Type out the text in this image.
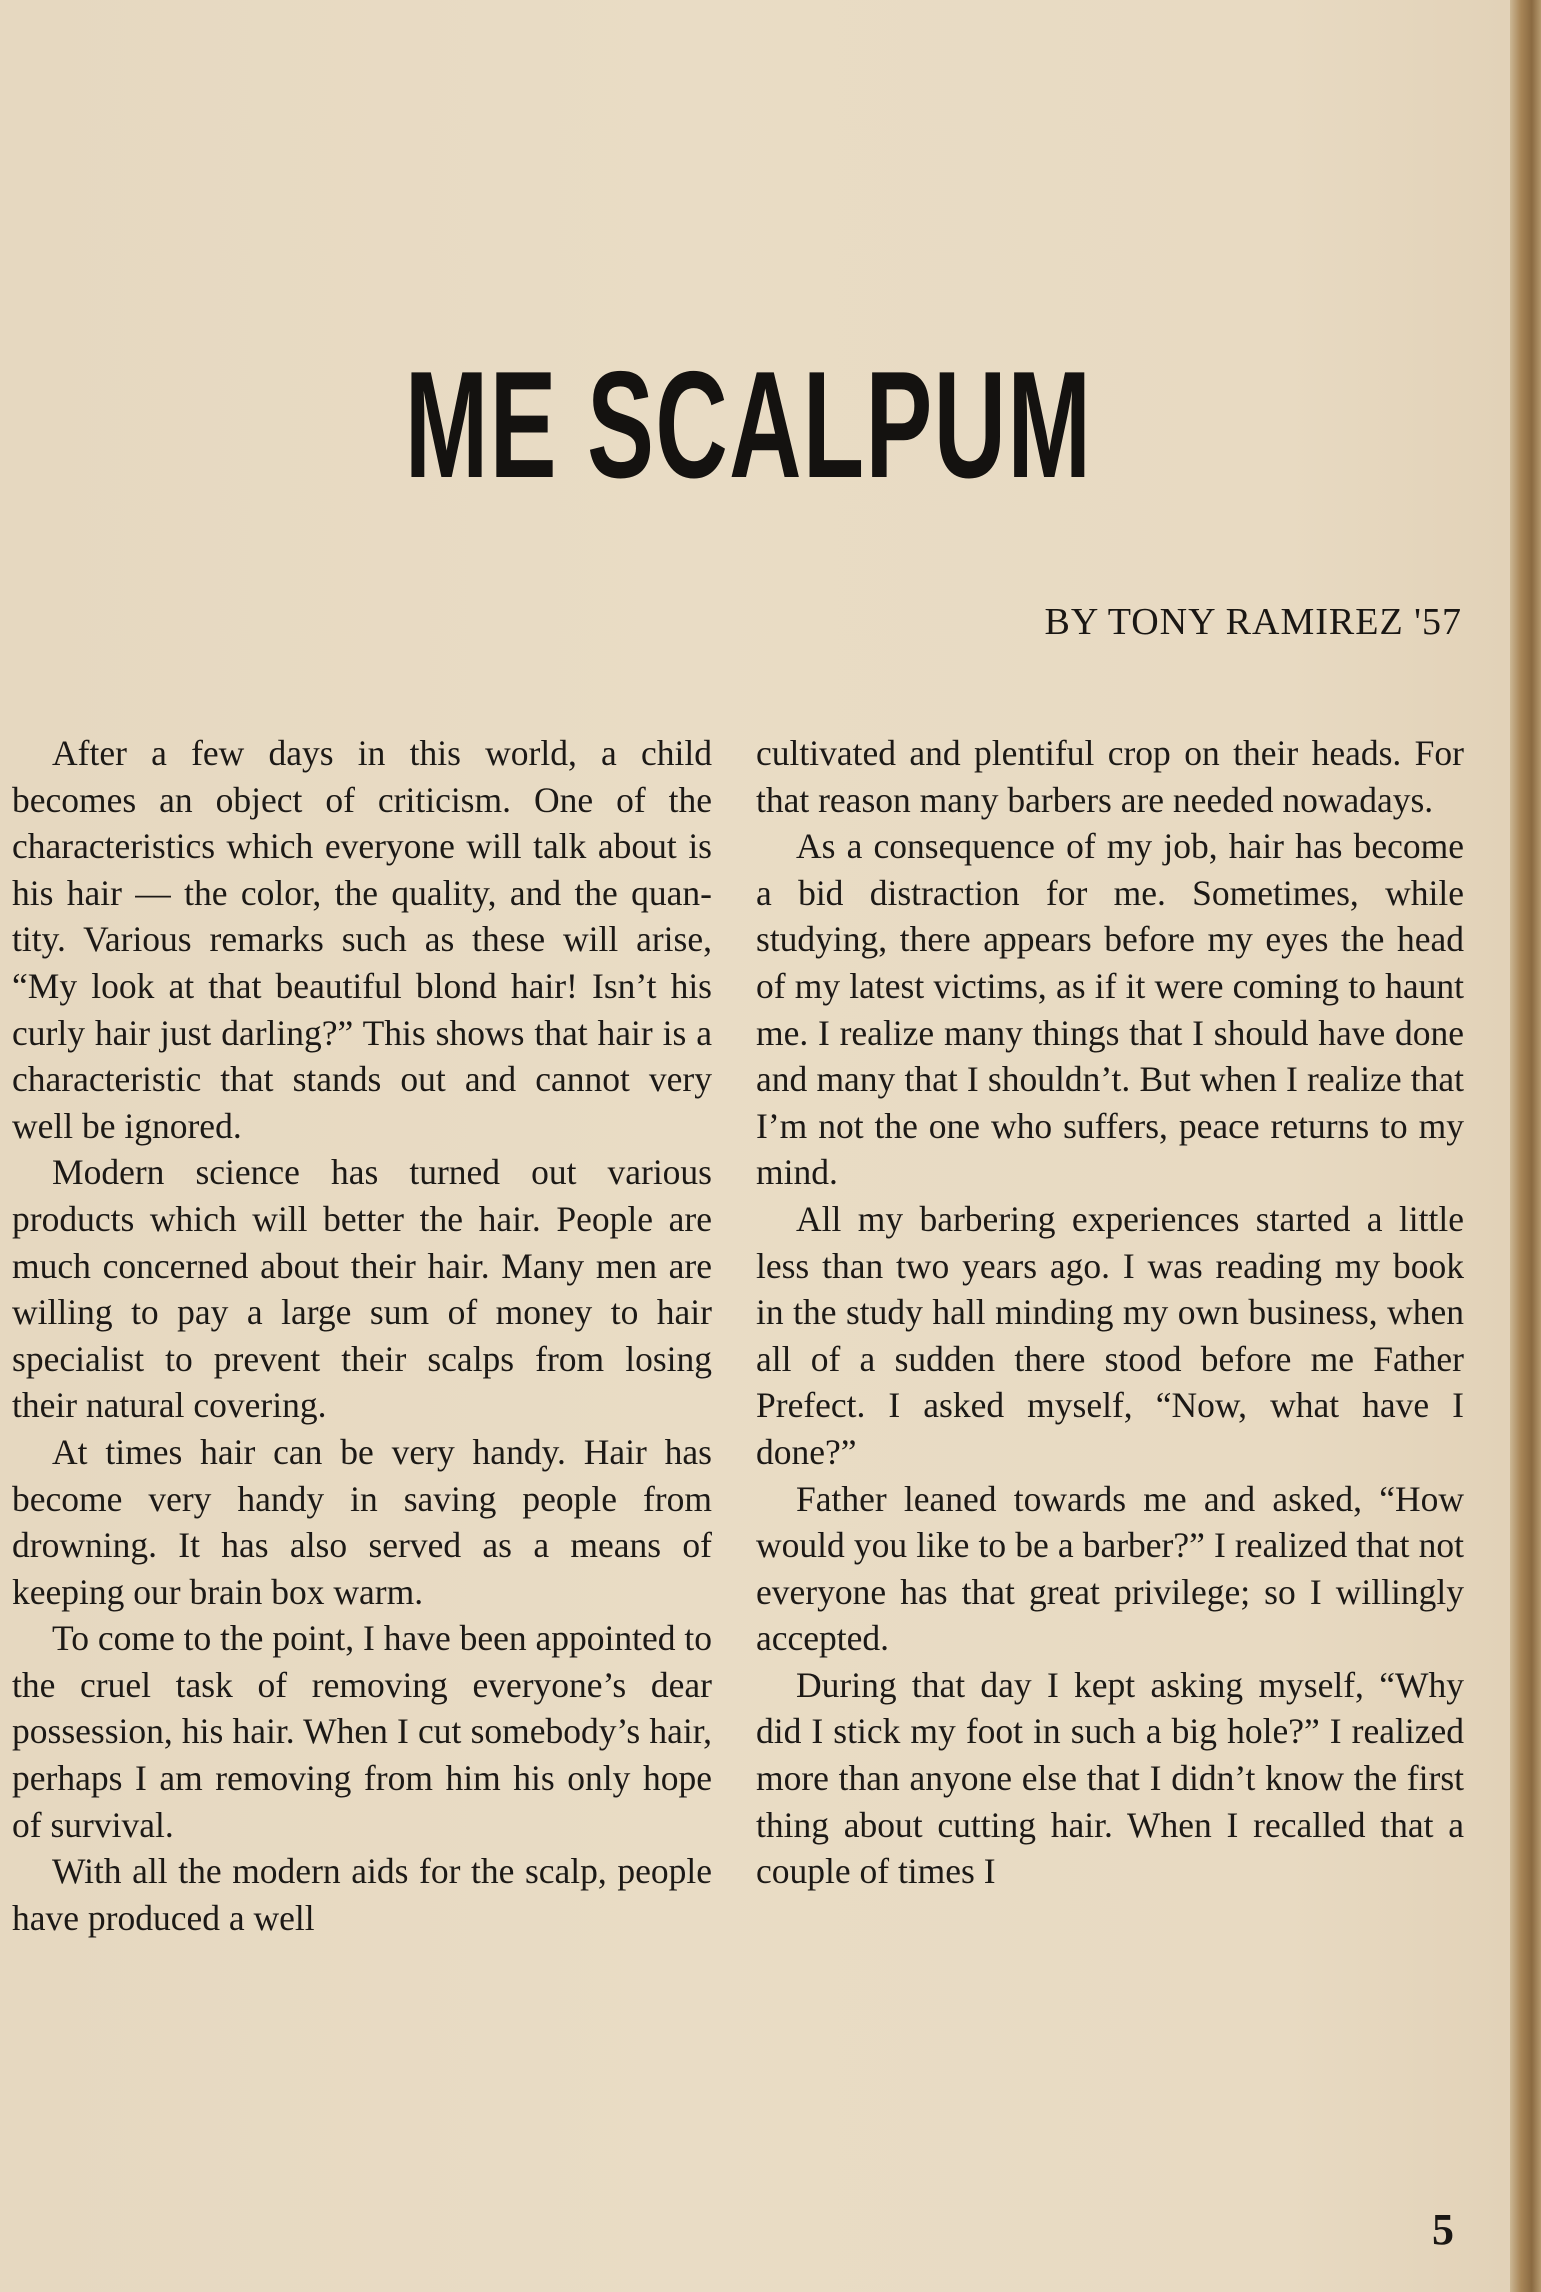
ME SCALPUM
BY TONY RAMIREZ '57

After a few days in this world, a child becomes an object of criticism. One of the characteristics which everyone will talk about is his hair — the color, the quality, and the quantity. Various remarks such as these will arise, “My look at that beautiful blond hair! Isn’t his curly hair just darling?” This shows that hair is a characteristic that stands out and cannot very well be ignored.

Modern science has turned out various products which will better the hair. People are much concerned about their hair. Many men are willing to pay a large sum of money to hair specialist to prevent their scalps from losing their natural covering.

At times hair can be very handy. Hair has become very handy in saving people from drowning. It has also served as a means of keeping our brain box warm.

To come to the point, I have been appointed to the cruel task of removing everyone’s dear possession, his hair. When I cut somebody’s hair, perhaps I am removing from him his only hope of survival.

With all the modern aids for the scalp, people have produced a well

cultivated and plentiful crop on their heads. For that reason many barbers are needed nowadays.

As a consequence of my job, hair has become a bid distraction for me. Sometimes, while studying, there appears before my eyes the head of my latest victims, as if it were coming to haunt me. I realize many things that I should have done and many that I shouldn’t. But when I realize that I’m not the one who suffers, peace returns to my mind.

All my barbering experiences started a little less than two years ago. I was reading my book in the study hall minding my own business, when all of a sudden there stood before me Father Prefect. I asked myself, “Now, what have I done?”

Father leaned towards me and asked, “How would you like to be a barber?” I realized that not everyone has that great privilege; so I willingly accepted.

During that day I kept asking myself, “Why did I stick my foot in such a big hole?” I realized more than anyone else that I didn’t know the first thing about cutting hair. When I recalled that a couple of times I

5
